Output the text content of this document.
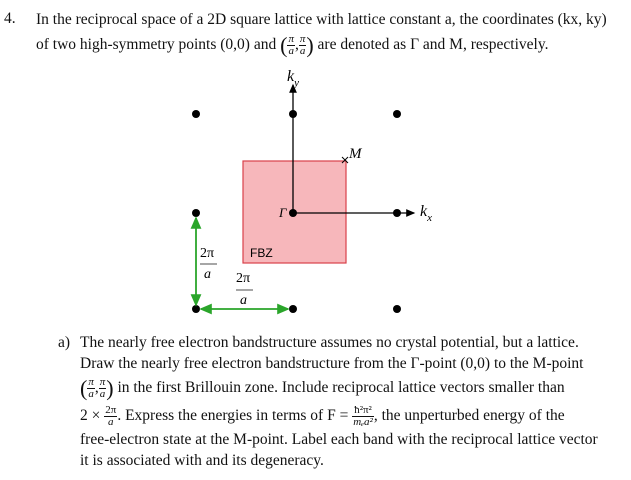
4. In the reciprocal space of a 2D square lattice with lattice constant a, the coordinates (kx, ky)
of two high-symmetry points (0,0) and ( $\frac{\pi}{a}$ , $\frac{\pi}{a}$ ) are denoted as Γ and M, respectively.
$k_y$
$k_x$
M
Γ
FBZ
2π
a 2π
a
a) The nearly free electron bandstructure assumes no crystal potential, but a lattice.
Draw the nearly free electron bandstructure from the Γ-point (0,0) to the M-point
( $\frac{\pi}{a}$ , $\frac{\pi}{a}$ ) in the first Brillouin zone. Include reciprocal lattice vectors smaller than
$2 \times \frac{2\pi}{a}$ . Express the energies in terms of $F = \frac{\text{ħ²π²}}{\text{mₑa²}}$ , the unperturbed energy of the
free-electron state at the M-point. Label each band with the reciprocal lattice vector
it is associated with and its degeneracy.
